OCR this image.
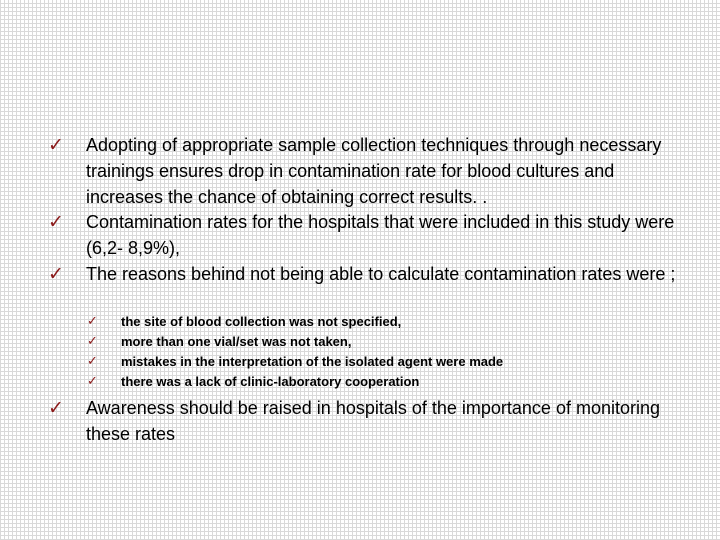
✓ Adopting of appropriate sample collection techniques through necessary trainings ensures drop in contamination rate for blood cultures and increases the chance of obtaining correct results. .
✓ Contamination rates for the hospitals that were included in this study were (6,2- 8,9%),
✓ The reasons behind not being able to calculate contamination rates were ;
✓ the site of blood collection was not specified,
✓ more than one vial/set was not taken,
✓ mistakes in the interpretation of the isolated agent were made
✓ there was a lack of clinic-laboratory cooperation
✓ Awareness should be raised in hospitals of the importance of monitoring these rates
